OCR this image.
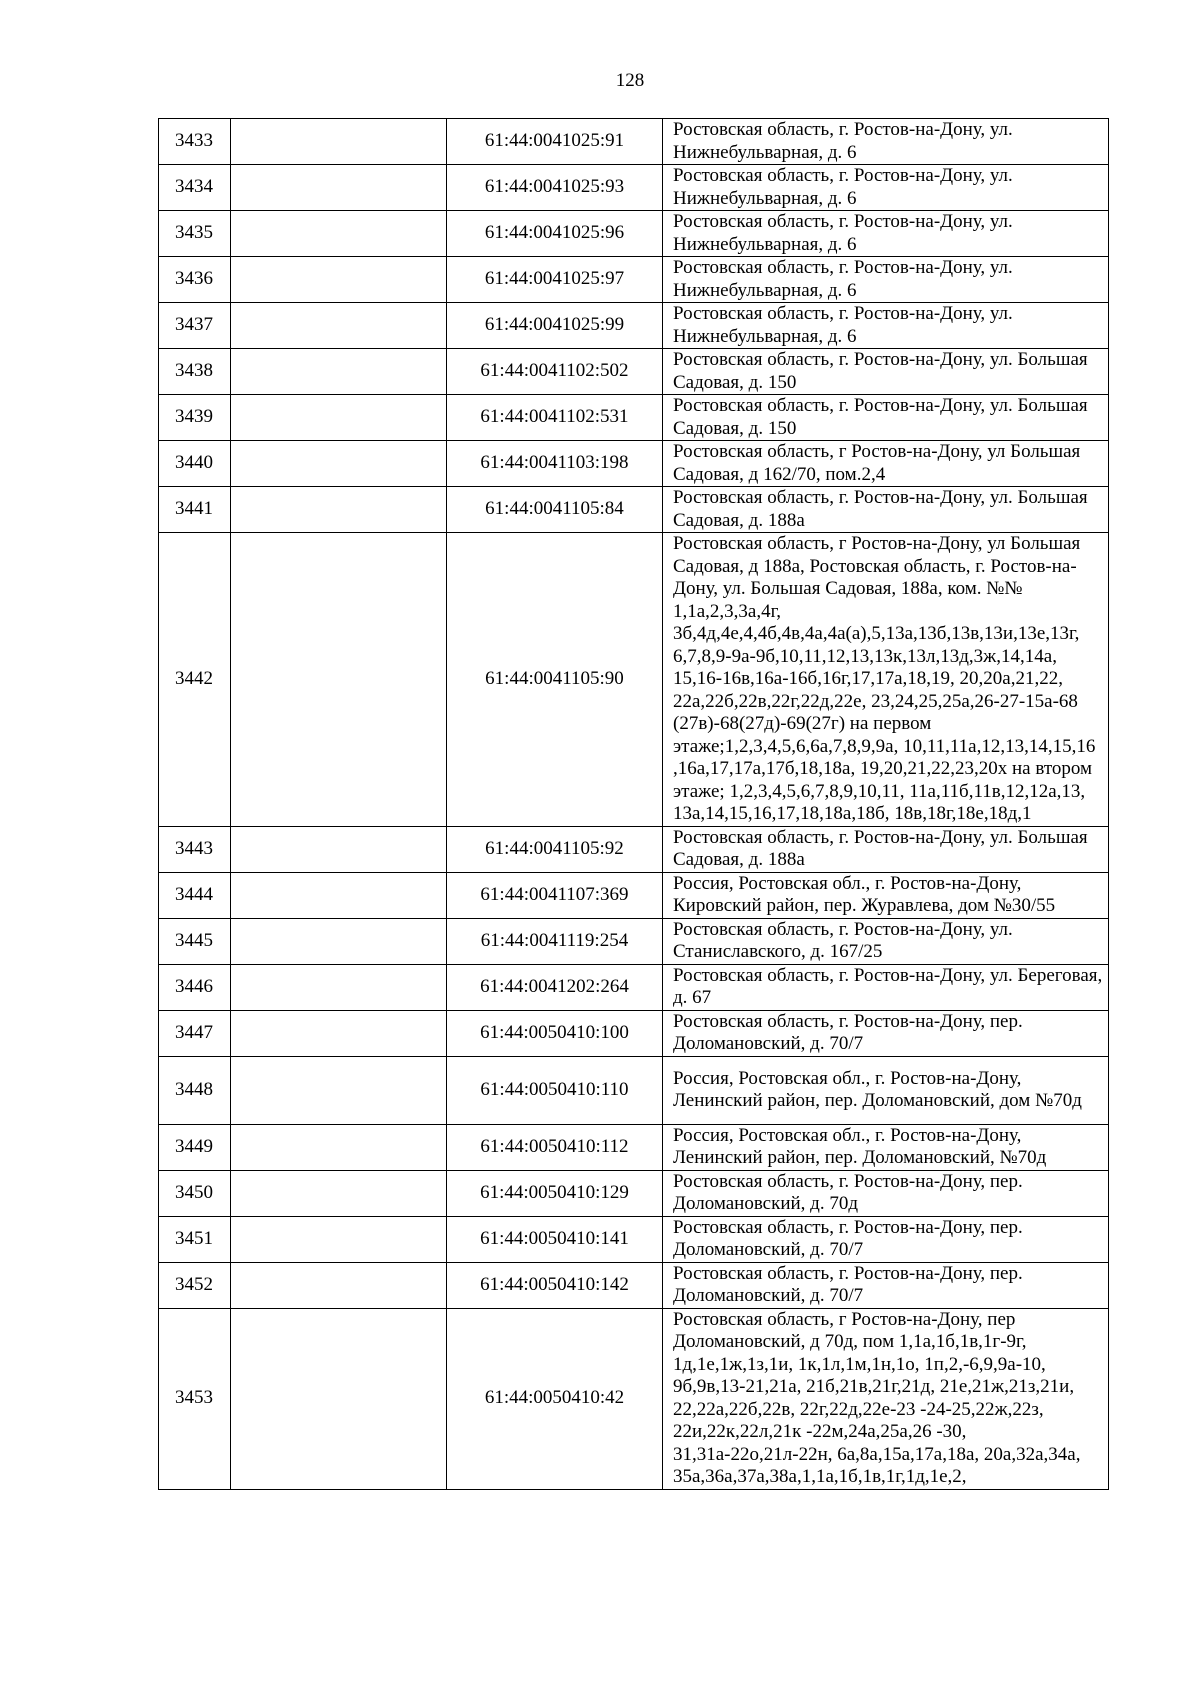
128
3433		61:44:0041025:91	Ростовская область, г. Ростов-на-Дону, ул. Нижнебульварная, д. 6
3434		61:44:0041025:93	Ростовская область, г. Ростов-на-Дону, ул. Нижнебульварная, д. 6
3435		61:44:0041025:96	Ростовская область, г. Ростов-на-Дону, ул. Нижнебульварная, д. 6
3436		61:44:0041025:97	Ростовская область, г. Ростов-на-Дону, ул. Нижнебульварная, д. 6
3437		61:44:0041025:99	Ростовская область, г. Ростов-на-Дону, ул. Нижнебульварная, д. 6
3438		61:44:0041102:502	Ростовская область, г. Ростов-на-Дону, ул. Большая Садовая, д. 150
3439		61:44:0041102:531	Ростовская область, г. Ростов-на-Дону, ул. Большая Садовая, д. 150
3440		61:44:0041103:198	Ростовская область, г Ростов-на-Дону, ул Большая Садовая, д 162/70, пом.2,4
3441		61:44:0041105:84	Ростовская область, г. Ростов-на-Дону, ул. Большая Садовая, д. 188а
3442		61:44:0041105:90	Ростовская область, г Ростов-на-Дону, ул Большая Садовая, д 188а, Ростовская область, г. Ростов-на-Дону, ул. Большая Садовая, 188а, ком. №№ 1,1а,2,3,3а,4г, 3б,4д,4е,4,4б,4в,4а,4а(а),5,13а,13б,13в,13и,13е,13г, 6,7,8,9-9а-9б,10,11,12,13,13к,13л,13д,3ж,14,14а, 15,16-16в,16а-16б,16г,17,17а,18,19, 20,20а,21,22, 22а,22б,22в,22г,22д,22е, 23,24,25,25а,26-27-15а-68 (27в)-68(27д)-69(27г) на первом этаже;1,2,3,4,5,6,6а,7,8,9,9а, 10,11,11а,12,13,14,15,16 ,16а,17,17а,17б,18,18а, 19,20,21,22,23,20х на втором этаже; 1,2,3,4,5,6,7,8,9,10,11, 11а,11б,11в,12,12а,13, 13а,14,15,16,17,18,18а,18б, 18в,18г,18е,18д,1
3443		61:44:0041105:92	Ростовская область, г. Ростов-на-Дону, ул. Большая Садовая, д. 188а
3444		61:44:0041107:369	Россия, Ростовская обл., г. Ростов-на-Дону, Кировский район, пер. Журавлева, дом №30/55
3445		61:44:0041119:254	Ростовская область, г. Ростов-на-Дону, ул. Станиславского, д. 167/25
3446		61:44:0041202:264	Ростовская область, г. Ростов-на-Дону, ул. Береговая, д. 67
3447		61:44:0050410:100	Ростовская область, г. Ростов-на-Дону, пер. Доломановский, д. 70/7
3448		61:44:0050410:110	Россия, Ростовская обл., г. Ростов-на-Дону, Ленинский район, пер. Доломановский, дом №70д
3449		61:44:0050410:112	Россия, Ростовская обл., г. Ростов-на-Дону, Ленинский район, пер. Доломановский, №70д
3450		61:44:0050410:129	Ростовская область, г. Ростов-на-Дону, пер. Доломановский, д. 70д
3451		61:44:0050410:141	Ростовская область, г. Ростов-на-Дону, пер. Доломановский, д. 70/7
3452		61:44:0050410:142	Ростовская область, г. Ростов-на-Дону, пер. Доломановский, д. 70/7
3453		61:44:0050410:42	Ростовская область, г Ростов-на-Дону, пер Доломановский, д 70д, пом 1,1а,1б,1в,1г-9г, 1д,1е,1ж,1з,1и, 1к,1л,1м,1н,1о, 1п,2,-6,9,9а-10, 9б,9в,13-21,21а, 21б,21в,21г,21д, 21е,21ж,21з,21и, 22,22а,22б,22в, 22г,22д,22е-23 -24-25,22ж,22з, 22и,22к,22л,21к -22м,24а,25а,26 -30, 31,31а-22о,21л-22н, 6а,8а,15а,17а,18а, 20а,32а,34а, 35а,36а,37а,38а,1,1а,1б,1в,1г,1д,1е,2,
